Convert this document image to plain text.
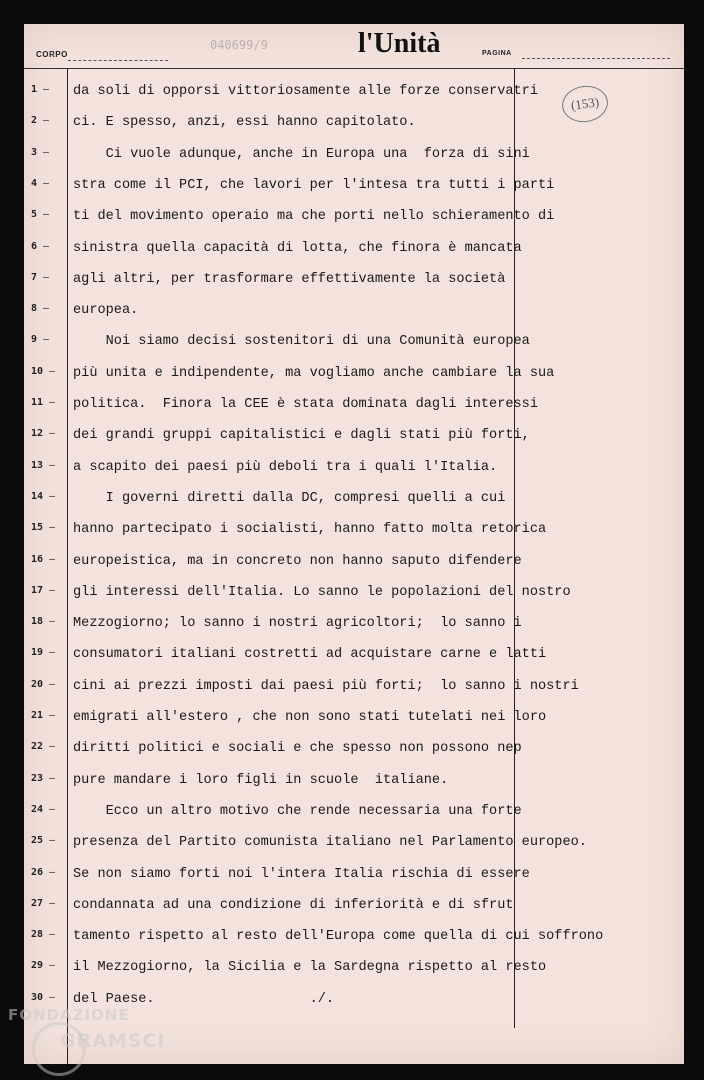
CORPO
040699/9	l'Unità	PAGINA
(153)
1 —	da soli di opporsi vittoriosamente alle forze conservatri
2 —	ci. E spesso, anzi, essi hanno capitolato.
3 —	Ci vuole adunque, anche in Europa una  forza di sini
4 —	stra come il PCI, che lavori per l'intesa tra tutti i parti
5 —	ti del movimento operaio ma che porti nello schieramento di
6 —	sinistra quella capacità di lotta, che finora è mancata
7 —	agli altri, per trasformare effettivamente la società
8 —	europea.
9 —	Noi siamo decisi sostenitori di una Comunità europea
10 —	più unita e indipendente, ma vogliamo anche cambiare la sua
11 —	politica.  Finora la CEE è stata dominata dagli interessi
12 —	dei grandi gruppi capitalistici e dagli stati più forti,
13 —	a scapito dei paesi più deboli tra i quali l'Italia.
14 —	I governi diretti dalla DC, compresi quelli a cui
15 —	hanno partecipato i socialisti, hanno fatto molta retorica
16 —	europeistica, ma in concreto non hanno saputo difendere
17 —	gli interessi dell'Italia. Lo sanno le popolazioni del nostro
18 —	Mezzogiorno; lo sanno i nostri agricoltori;  lo sanno i
19 —	consumatori italiani costretti ad acquistare carne e latti
20 —	cini ai prezzi imposti dai paesi più forti;  lo sanno i nostri
21 —	emigrati all'estero , che non sono stati tutelati nei loro
22 —	diritti politici e sociali e che spesso non possono nep
23 —	pure mandare i loro figli in scuole  italiane.
24 —	Ecco un altro motivo che rende necessaria una forte
25 —	presenza del Partito comunista italiano nel Parlamento europeo.
26 —	Se non siamo forti noi l'intera Italia rischia di essere
27 —	condannata ad una condizione di inferiorità e di sfrut
28 —	tamento rispetto al resto dell'Europa come quella di cui soffrono
29 —	il Mezzogiorno, la Sicilia e la Sardegna rispetto al resto
30 —	del Paese.                   ./.
FONDAZIONE
GRAMSCI
